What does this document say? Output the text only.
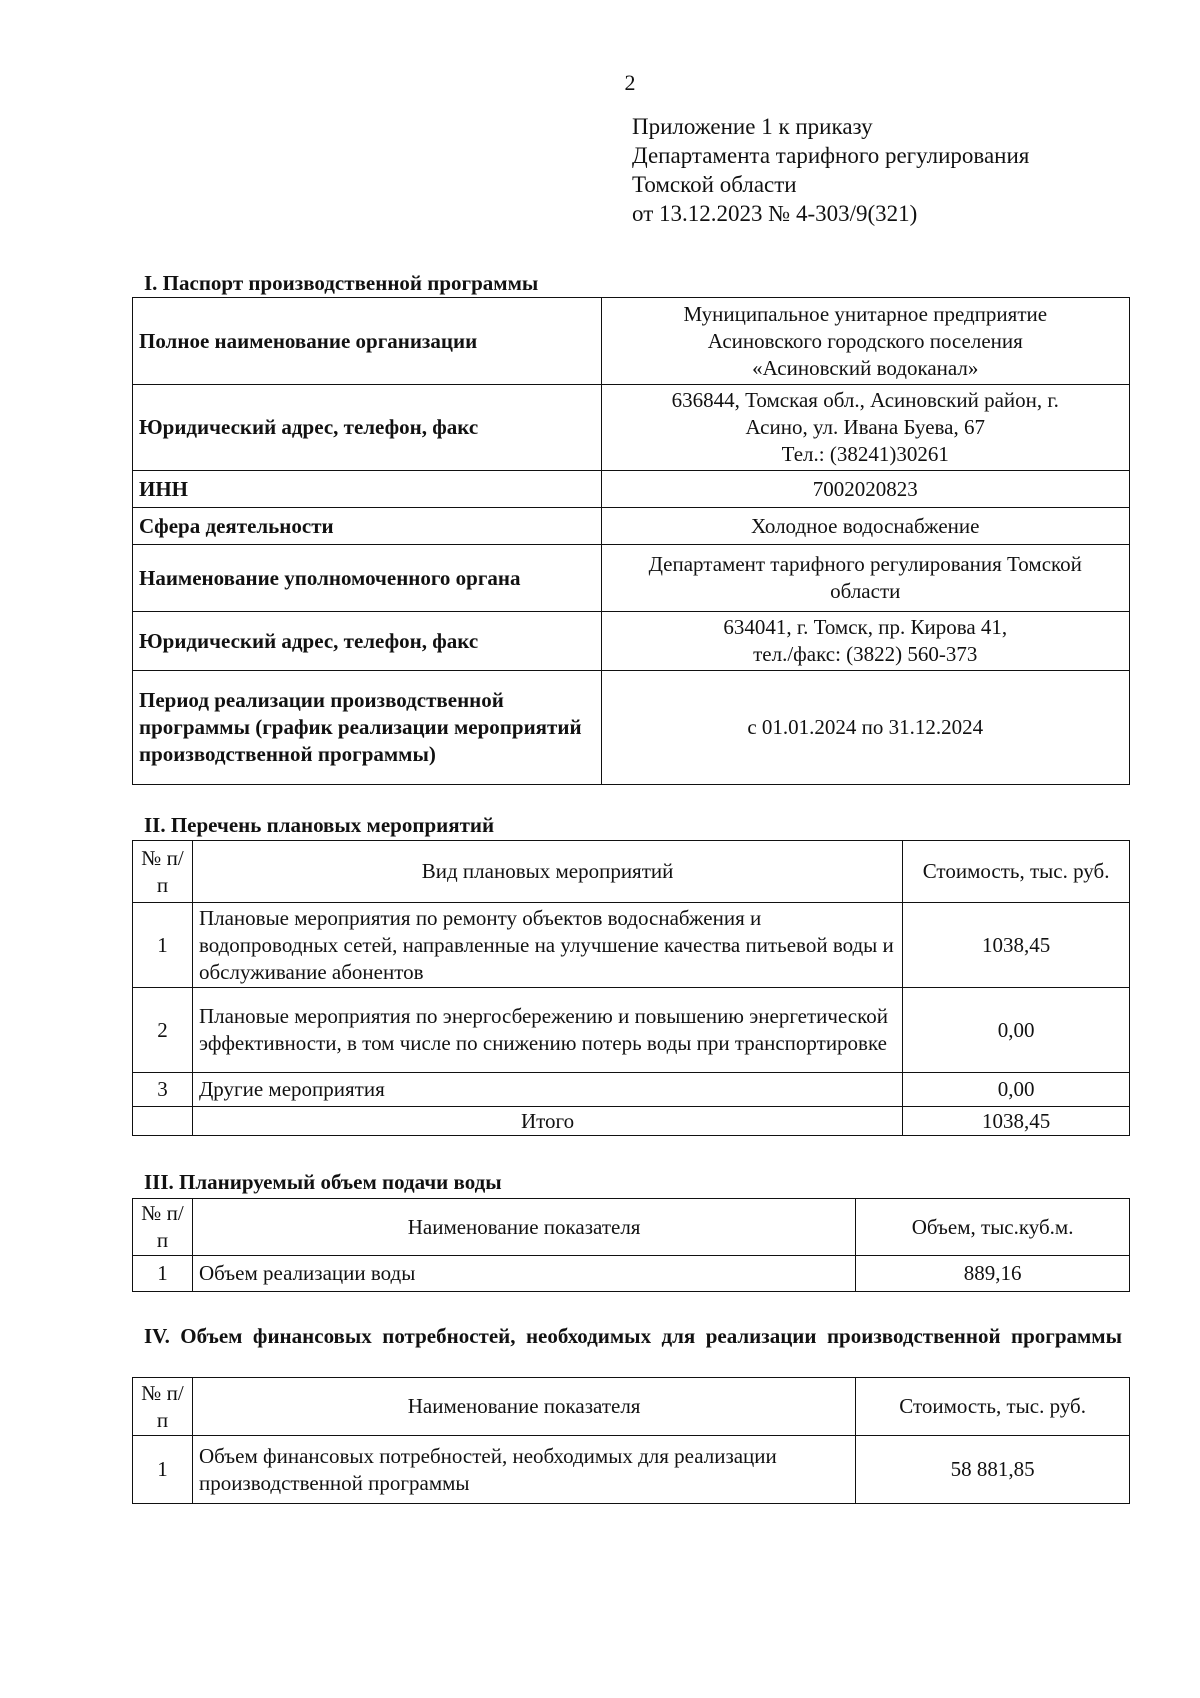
2
Приложение 1 к приказу
Департамента тарифного регулирования
Томской области
от 13.12.2023 № 4-303/9(321)
I. Паспорт производственной программы
Полное наименование организации	Муниципальное унитарное предприятие
Асиновского городского поселения
«Асиновский водоканал»

Юридический адрес, телефон, факс	636844, Томская обл., Асиновский район, г.
Асино, ул. Ивана Буева, 67
Тел.: (38241)30261

ИНН	7002020823
Сфера деятельности	Холодное водоснабжение
Наименование уполномоченного органа	Департамент тарифного регулирования Томской
области

Юридический адрес, телефон, факс	634041, г. Томск, пр. Кирова 41,
тел./факс: (3822) 560-373

Период реализации производственной программы (график реализации мероприятий производственной программы)	с 01.01.2024 по 31.12.2024
II. Перечень плановых мероприятий
№ п/п	Вид плановых мероприятий	Стоимость, тыс. руб.
1	Плановые мероприятия по ремонту объектов водоснабжения и водопроводных сетей, направленные на улучшение качества питьевой воды и обслуживание абонентов	1038,45
2	Плановые мероприятия по энергосбережению и повышению энергетической эффективности, в том числе по снижению потерь воды при транспортировке	0,00
3	Другие мероприятия	0,00
	Итого	1038,45
III. Планируемый объем подачи воды
№ п/п	Наименование показателя	Объем, тыс.куб.м.
1	Объем реализации воды	889,16
IV. Объем финансовых потребностей, необходимых для реализации производственной программы
№ п/п	Наименование показателя	Стоимость, тыс. руб.
1	Объем финансовых потребностей, необходимых для реализации производственной программы	58 881,85
